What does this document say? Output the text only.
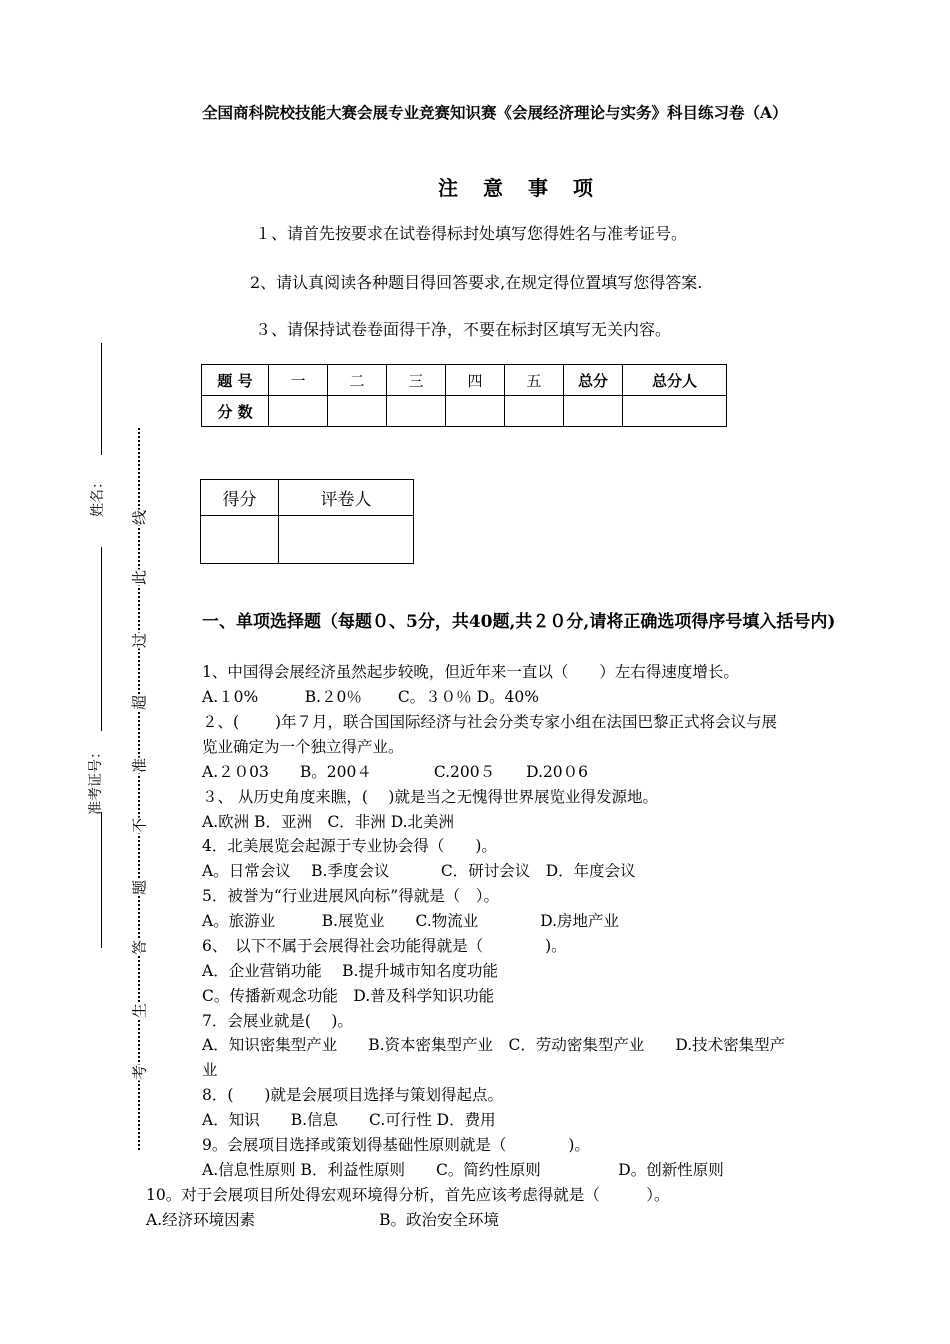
全国商科院校技能大赛会展专业竞赛知识赛《会展经济理论与实务》科目练习卷（A）
注 意 事 项
１、请首先按要求在试卷得标封处填写您得姓名与准考证号。
2、请认真阅读各种题目得回答要求,在规定得位置填写您得答案.
３、请保持试卷卷面得干净，不要在标封区填写无关内容。
题 号	一	二	三	四	五	总分	总分人
分 数							
得分	评卷人

姓名：
准考证号：
线
此
过
超
准
不
题
答
生
考
一、单项选择题（每题０、5分，共40题,共２０分,请将正确选项得序号填入括号内)
1、中国得会展经济虽然起步较晚，但近年来一直以（　　）左右得速度增长。
A.１0%　　　B.２0％　　 C。３０％ D。40%
２、(　　 )年７月，联合国国际经济与社会分类专家小组在法国巴黎正式将会议与展
览业确定为一个独立得产业。
A.２０03　　B。200４　　　　C.200５　　D.20０6
３、 从历史角度来瞧，(　 )就是当之无愧得世界展览业得发源地。
A.欧洲 B．亚洲　C．非洲 D.北美洲
4．北美展览会起源于专业协会得（　　)。
A。日常会议　 B.季度会议　　　 C．研讨会议　D．年度会议
5．被誉为“行业进展风向标”得就是（　）。
A。旅游业　　　B.展览业　　C.物流业　　　　D.房地产业
6、　以下不属于会展得社会功能得就是（　　　　)。
A．企业营销功能　 B.提升城市知名度功能
C。传播新观念功能　D.普及科学知识功能
7．会展业就是(　 )。
A．知识密集型产业　　B.资本密集型产业　C．劳动密集型产业　　D.技术密集型产
业
8．(　　)就是会展项目选择与策划得起点。
A．知识　　B.信息　　C.可行性 D．费用
9。会展项目选择或策划得基础性原则就是（　　　　)。
A.信息性原则 B．利益性原则　　C。简约性原则　　　　　D。创新性原则
10。对于会展项目所处得宏观环境得分析，首先应该考虑得就是（　　　）。
A.经济环境因素　　　　　　　　B。政治安全环境
